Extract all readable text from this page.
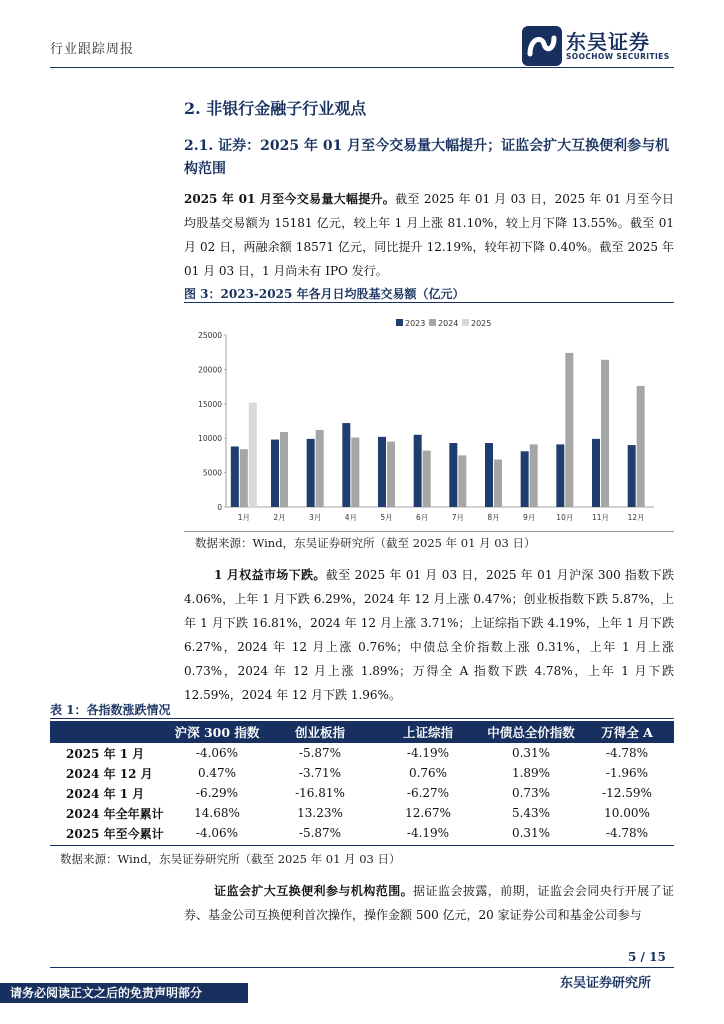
行业跟踪周报	东吴证券
SOOCHOW SECURITIES
2. 非银行金融子行业观点
2.1. 证券：2025 年 01 月至今交易量大幅提升；证监会扩大互换便利参与机构范围
2025 年 01 月至今交易量大幅提升。截至 2025 年 01 月 03 日，2025 年 01 月至今日均股基交易额为 15181 亿元，较上年 1 月上涨 81.10%，较上月下降 13.55%。截至 01 月 02 日，两融余额 18571 亿元，同比提升 12.19%，较年初下降 0.40%。截至 2025 年 01 月 03 日，1 月尚未有 IPO 发行。
图 3：2023-2025 年各月日均股基交易额（亿元）
2023 2024 2025
0
5000
10000
15000
20000
25000
1月	2月	3月	4月	5月	6月	7月	8月	9月	10月 11月 12月
数据来源：Wind，东吴证券研究所（截至 2025 年 01 月 03 日）
1 月权益市场下跌。截至 2025 年 01 月 03 日，2025 年 01 月沪深 300 指数下跌 4.06%，上年 1 月下跌 6.29%，2024 年 12 月上涨 0.47%；创业板指数下跌 5.87%，上年 1 月下跌 16.81%，2024 年 12 月上涨 3.71%；上证综指下跌 4.19%，上年 1 月下跌 6.27%，2024 年 12 月上涨 0.76%；中债总全价指数上涨 0.31%，上年 1 月上涨 0.73%，2024 年 12 月上涨 1.89%；万得全 A 指数下跌 4.78%，上年 1 月下跌 12.59%，2024 年 12 月下跌 1.96%。
表 1：各指数涨跌情况
	沪深 300 指数	创业板指	上证综指	中债总全价指数	万得全 A
2025 年 1 月	-4.06%	-5.87%	-4.19%	0.31%	-4.78%
2024 年 12 月	0.47%	-3.71%	0.76%	1.89%	-1.96%
2024 年 1 月	-6.29%	-16.81%	-6.27%	0.73%	-12.59%
2024 年全年累计	14.68%	13.23%	12.67%	5.43%	10.00%
2025 年至今累计	-4.06%	-5.87%	-4.19%	0.31%	-4.78%
数据来源：Wind，东吴证券研究所（截至 2025 年 01 月 03 日）
证监会扩大互换便利参与机构范围。据证监会披露，前期，证监会会同央行开展了证券、基金公司互换便利首次操作，操作金额 500 亿元，20 家证券公司和基金公司参与
5 / 15
东吴证券研究所
请务必阅读正文之后的免责声明部分
